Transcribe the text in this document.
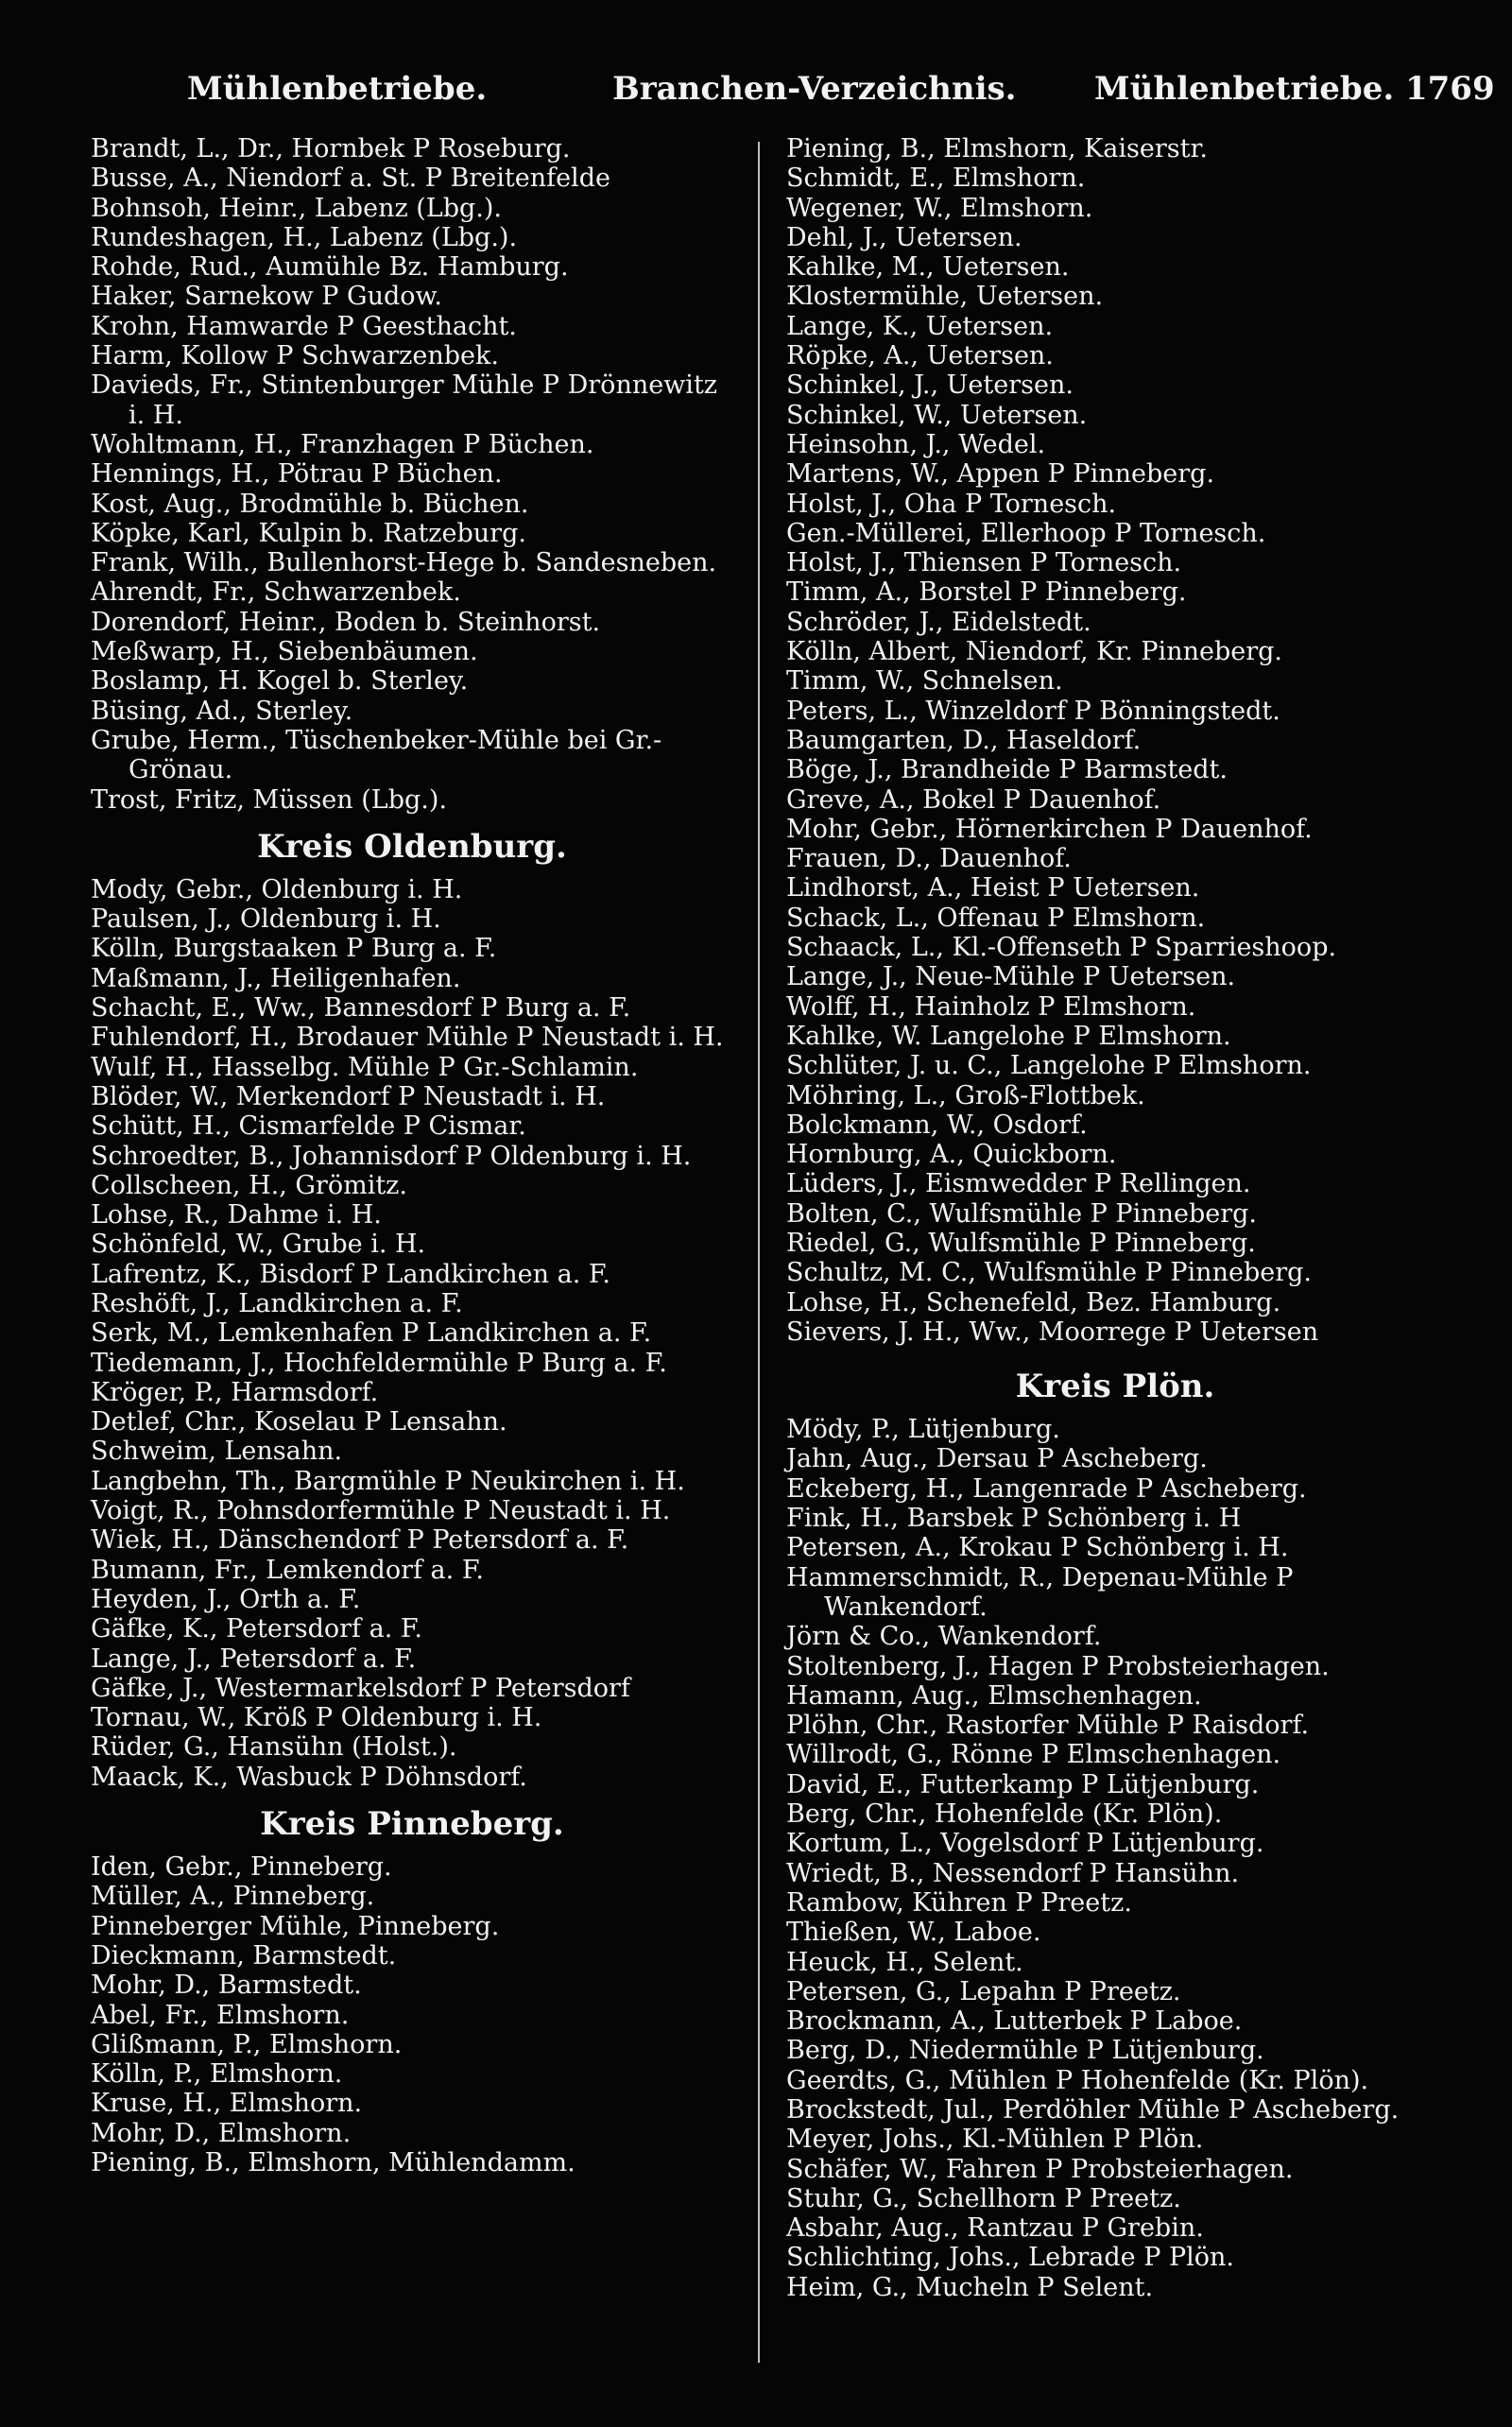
Mühlenbetriebe.	Branchen-Verzeichnis. Mühlenbetriebe. 1769
Brandt, L., Dr., Hornbek P Roseburg.
Busse, A., Niendorf a. St. P Breitenfelde
Bohnsoh, Heinr., Labenz (Lbg.).
Rundeshagen, H., Labenz (Lbg.).
Rohde, Rud., Aumühle Bz. Hamburg.
Haker, Sarnekow P Gudow.
Krohn, Hamwarde P Geesthacht.
Harm, Kollow P Schwarzenbek.
Davieds, Fr., Stintenburger Mühle P Drönnewitz i. H.
Wohltmann, H., Franzhagen P Büchen.
Hennings, H., Pötrau P Büchen.
Kost, Aug., Brodmühle b. Büchen.
Köpke, Karl, Kulpin b. Ratzeburg.
Frank, Wilh., Bullenhorst-Hege b. Sandesneben.
Ahrendt, Fr., Schwarzenbek.
Dorendorf, Heinr., Boden b. Steinhorst.
Meßwarp, H., Siebenbäumen.
Boslamp, H. Kogel b. Sterley.
Büsing, Ad., Sterley.
Grube, Herm., Tüschenbeker-Mühle bei Gr.-Grönau.
Trost, Fritz, Müssen (Lbg.).
Kreis Oldenburg.
Mody, Gebr., Oldenburg i. H.
Paulsen, J., Oldenburg i. H.
Kölln, Burgstaaken P Burg a. F.
Maßmann, J., Heiligenhafen.
Schacht, E., Ww., Bannesdorf P Burg a. F.
Fuhlendorf, H., Brodauer Mühle P Neustadt i. H.
Wulf, H., Hasselbg. Mühle P Gr.-Schlamin.
Blöder, W., Merkendorf P Neustadt i. H.
Schütt, H., Cismarfelde P Cismar.
Schroedter, B., Johannisdorf P Oldenburg i. H.
Collscheen, H., Grömitz.
Lohse, R., Dahme i. H.
Schönfeld, W., Grube i. H.
Lafrentz, K., Bisdorf P Landkirchen a. F.
Reshöft, J., Landkirchen a. F.
Serk, M., Lemkenhafen P Landkirchen a. F.
Tiedemann, J., Hochfeldermühle P Burg a. F.
Kröger, P., Harmsdorf.
Detlef, Chr., Koselau P Lensahn.
Schweim, Lensahn.
Langbehn, Th., Bargmühle P Neukirchen i. H.
Voigt, R., Pohnsdorfermühle P Neustadt i. H.
Wiek, H., Dänschendorf P Petersdorf a. F.
Bumann, Fr., Lemkendorf a. F.
Heyden, J., Orth a. F.
Gäfke, K., Petersdorf a. F.
Lange, J., Petersdorf a. F.
Gäfke, J., Westermarkelsdorf P Petersdorf
Tornau, W., Kröß P Oldenburg i. H.
Rüder, G., Hansühn (Holst.).
Maack, K., Wasbuck P Döhnsdorf.
Kreis Pinneberg.
Iden, Gebr., Pinneberg.
Müller, A., Pinneberg.
Pinneberger Mühle, Pinneberg.
Dieckmann, Barmstedt.
Mohr, D., Barmstedt.
Abel, Fr., Elmshorn.
Glißmann, P., Elmshorn.
Kölln, P., Elmshorn.
Kruse, H., Elmshorn.
Mohr, D., Elmshorn.
Piening, B., Elmshorn, Mühlendamm.
Piening, B., Elmshorn, Kaiserstr.
Schmidt, E., Elmshorn.
Wegener, W., Elmshorn.
Dehl, J., Uetersen.
Kahlke, M., Uetersen.
Klostermühle, Uetersen.
Lange, K., Uetersen.
Röpke, A., Uetersen.
Schinkel, J., Uetersen.
Schinkel, W., Uetersen.
Heinsohn, J., Wedel.
Martens, W., Appen P Pinneberg.
Holst, J., Oha P Tornesch.
Gen.-Müllerei, Ellerhoop P Tornesch.
Holst, J., Thiensen P Tornesch.
Timm, A., Borstel P Pinneberg.
Schröder, J., Eidelstedt.
Kölln, Albert, Niendorf, Kr. Pinneberg.
Timm, W., Schnelsen.
Peters, L., Winzeldorf P Bönningstedt.
Baumgarten, D., Haseldorf.
Böge, J., Brandheide P Barmstedt.
Greve, A., Bokel P Dauenhof.
Mohr, Gebr., Hörnerkirchen P Dauenhof.
Frauen, D., Dauenhof.
Lindhorst, A., Heist P Uetersen.
Schack, L., Offenau P Elmshorn.
Schaack, L., Kl.-Offenseth P Sparrieshoop.
Lange, J., Neue-Mühle P Uetersen.
Wolff, H., Hainholz P Elmshorn.
Kahlke, W. Langelohe P Elmshorn.
Schlüter, J. u. C., Langelohe P Elmshorn.
Möhring, L., Groß-Flottbek.
Bolckmann, W., Osdorf.
Hornburg, A., Quickborn.
Lüders, J., Eismwedder P Rellingen.
Bolten, C., Wulfsmühle P Pinneberg.
Riedel, G., Wulfsmühle P Pinneberg.
Schultz, M. C., Wulfsmühle P Pinneberg.
Lohse, H., Schenefeld, Bez. Hamburg.
Sievers, J. H., Ww., Moorrege P Uetersen
Kreis Plön.
Mödy, P., Lütjenburg.
Jahn, Aug., Dersau P Ascheberg.
Eckeberg, H., Langenrade P Ascheberg.
Fink, H., Barsbek P Schönberg i. H
Petersen, A., Krokau P Schönberg i. H.
Hammerschmidt, R., Depenau-Mühle P Wankendorf.
Jörn & Co., Wankendorf.
Stoltenberg, J., Hagen P Probsteierhagen.
Hamann, Aug., Elmschenhagen.
Plöhn, Chr., Rastorfer Mühle P Raisdorf.
Willrodt, G., Rönne P Elmschenhagen.
David, E., Futterkamp P Lütjenburg.
Berg, Chr., Hohenfelde (Kr. Plön).
Kortum, L., Vogelsdorf P Lütjenburg.
Wriedt, B., Nessendorf P Hansühn.
Rambow, Kühren P Preetz.
Thießen, W., Laboe.
Heuck, H., Selent.
Petersen, G., Lepahn P Preetz.
Brockmann, A., Lutterbek P Laboe.
Berg, D., Niedermühle P Lütjenburg.
Geerdts, G., Mühlen P Hohenfelde (Kr. Plön).
Brockstedt, Jul., Perdöhler Mühle P Ascheberg.
Meyer, Johs., Kl.-Mühlen P Plön.
Schäfer, W., Fahren P Probsteierhagen.
Stuhr, G., Schellhorn P Preetz.
Asbahr, Aug., Rantzau P Grebin.
Schlichting, Johs., Lebrade P Plön.
Heim, G., Mucheln P Selent.
